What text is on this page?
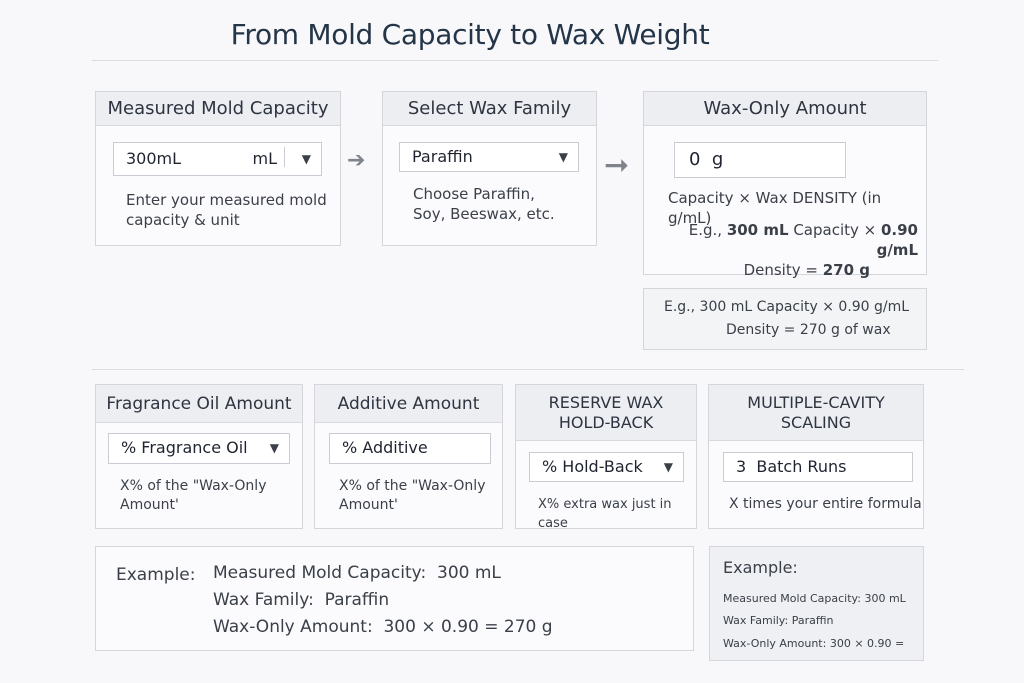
From Mold Capacity to Wax Weight
Measured Mold Capacity
300mL	mL ▼
Enter your measured mold
capacity & unit
➔
Select Wax Family
Paraffin	▼
Choose Paraffin,
Soy, Beeswax, etc.
➞
Wax-Only Amount
0  g
Capacity × Wax DENSITY (in g/mL)
E.g., 300 mL Capacity × 0.90 g/mL
Density = 270 g
E.g., 300 mL Capacity × 0.90 g/mL
Density = 270 g of wax
Fragrance Oil Amount
% Fragrance Oil ▼
X% of the "Wax-Only
Amount'
Additive Amount
% Additive
X% of the "Wax-Only
Amount'
RESERVE WAX
HOLD-BACK
% Hold-Back ▼
X% extra wax just in case
MULTIPLE-CAVITY
SCALING
3  Batch Runs
X times your entire formula
Example: Measured Mold Capacity:  300 mL
Wax Family:  Paraffin
Wax-Only Amount:  300 × 0.90 = 270 g
Example:
Measured Mold Capacity: 300 mL
Wax Family: Paraffin
Wax-Only Amount: 300 × 0.90 =
